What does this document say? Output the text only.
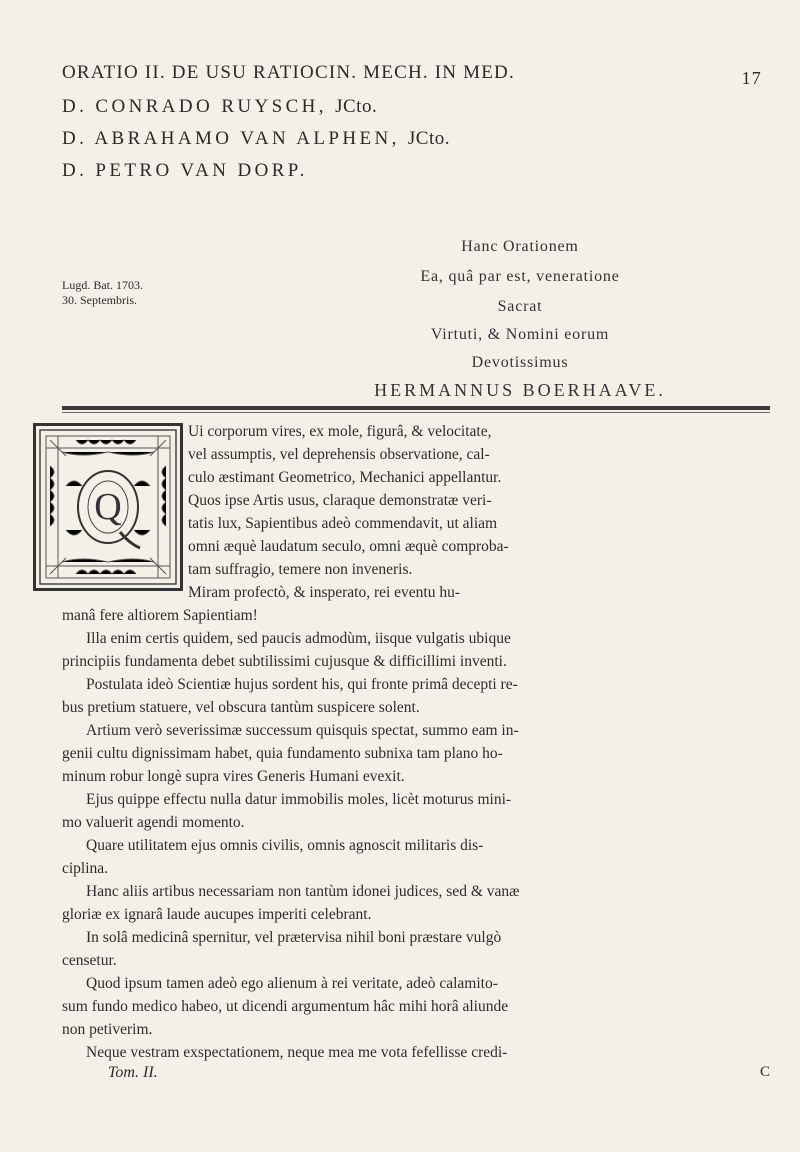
ORATIO II. DE USU RATIOCIN. MECH. IN MED.	17
D. CONRADO RUYSCH, JCto.
D. ABRAHAMO VAN ALPHEN, JCto.
D. PETRO VAN DORP.
Lugd. Bat. 1703.
30. Septembris.
Hanc Orationem
Ea, quâ par est, veneratione
Sacrat
Virtuti, & Nomini eorum
Devotissimus
HERMANNUS BOERHAAVE.
Q
Ui corporum vires, ex mole, figurâ, & velocitate,
vel assumptis, vel deprehensis observatione, cal-
culo æstimant Geometrico, Mechanici appellantur.
Quos ipse Artis usus, claraque demonstratæ veri-
tatis lux, Sapientibus adeò commendavit, ut aliam
omni æquè laudatum seculo, omni æquè comproba-
tam suffragio, temere non inveneris.
Miram profectò, & insperato, rei eventu hu-
manâ fere altiorem Sapientiam!
Illa enim certis quidem, sed paucis admodùm, iisque vulgatis ubique
principiis fundamenta debet subtilissimi cujusque & difficillimi inventi.
Postulata ideò Scientiæ hujus sordent his, qui fronte primâ decepti re-
bus pretium statuere, vel obscura tantùm suspicere solent.
Artium verò severissimæ successum quisquis spectat, summo eam in-
genii cultu dignissimam habet, quia fundamento subnixa tam plano ho-
minum robur longè supra vires Generis Humani evexit.
Ejus quippe effectu nulla datur immobilis moles, licèt moturus mini-
mo valuerit agendi momento.
Quare utilitatem ejus omnis civilis, omnis agnoscit militaris dis-
ciplina.
Hanc aliis artibus necessariam non tantùm idonei judices, sed & vanæ
gloriæ ex ignarâ laude aucupes imperiti celebrant.
In solâ medicinâ spernitur, vel prætervisa nihil boni præstare vulgò
censetur.
Quod ipsum tamen adeò ego alienum à rei veritate, adeò calamito-
sum fundo medico habeo, ut dicendi argumentum hâc mihi horâ aliunde
non petiverim.
Neque vestram exspectationem, neque mea me vota fefellisse credi-
Tom. II.	C
